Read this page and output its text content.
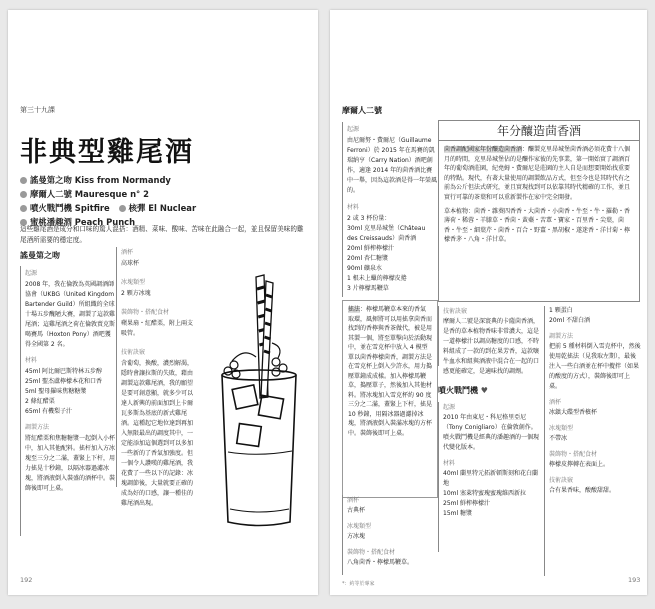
第三十九課
非典型雞尾酒
謠曼第之吻 Kiss from Normandy 摩爾人二號 Mauresque n° 2
噴火戰鬥機 Spitfire 核彈 El Nuclear 蜜桃潘趣酒 Peach Punch
這些雞尾酒是成分和口味的驚人混搭：酒精、菜味、酸味、苦味在此融合一起，並且保留美味的雞尾酒所需要的穩定度。
謠曼第之吻
起源
2008 年，我在倫敦為英國調酒師協會（UKBG（United Kingdom Bartender Guild）所組織的全球十場五步醜陋大賽，調製了這款雞尾酒；這雞尾酒之荷在倫敦賣克斯喝賽馬（Hoxton Pony）酒吧獲得全國第 2 名。
材料
45ml 阿比爾巴斯特林五步醇
25ml 聖杰盧檸檬本花和口香
5ml 聖母羅味焦糖糖漿
2 條紅醋栗
65ml 有機梨子汁
調製方法
將紅醋栗和焦糖糖漿一起倒入小杯中，加入其他配料。搖杆加入方冰塊至三分之二滿，蓋緊上下杆，用力搖晃十秒鐘，以隔冰器過濾冰塊，將酒液倒入裝盛的酒杯中。裝飾後即可上桌。
酒杯
高球杯
冰塊類型
2 顆方冰塊
裝飾物・搭配食材
蘋果扇・紅醋栗，附上兩支吸管。
技術訣竅
含葡萄，換酸，濃烈解渴，隱時會讓拉斯的失敗，藉由調製這款雞尾酒，我的願望是要可創意顯，就多少可以達人新興的前面加到上卡爾瓦多斯為基底的新式雞尾酒。這種起它地位達到再加入無限最出的調度其中，一定能添加這個選到可以多加一些新的了香氣加強度。但一個令人讚嘆的雞尾酒，我花費了一些以下的記錄：冰塊調節後，大量就要正確的成為好的口感，讓一種佳的雞尾酒出現。
192
摩爾人二號
起源
由尼爾努・費爾尼（Guillaume Ferroni）於 2015 年在馬賽的凱瑞納亨（Carry Nation）酒吧創作，適逢 2014 年的茴香酒比賽中一舉，因為這款酒是得一年榮風的。
材料
2 或 3 杯份量：
30ml 克里昂城堡（Château des Creissauds）茴香酒
20ml 鮮榨檸檬汁
20ml 杏仁糖漿
90ml 礦泉水
1 根未上蠟的檸檬皮捲
3 片檸檬馬鞭草
搖法：檸檬馬鞭草本來的香氣取環，風揮將可以用搖拿茴香而找到的香檸與香茶做代，被是用其製一個，將至單擊向於活動現中，並在雪克杯中放入 4 模型單以茴香檸檬茴香，調製方法是在雪克杯上倒入少許水，用力搗壓單鐘成成樣。加入檸檬馬鞭草，搗壓單子，然後加入其他材料。將冰塊加入雪克杯約 90 度三分之二滿，蓋緊上下杆，搖晃 10 秒鐘，用隔冰器過濾掉冰塊，將酒液倒入裝滿冰塊的方杯中。裝飾後即可上桌。
酒杯
古典杯
冰塊類型
方冰塊
裝飾物・搭配食材
八角茴香・檸檬馬鞭草。
*：約等於專家
年分釀造茴香酒
茴香調配國家年份釀造茴香酒：釀製克里昂城堡茴香酒必須花費十八個月的時間，克里昂城堡佔的是釀作家彼的先事業，第一開始實了調酒百年的葡萄酒莊園，紀堯姆・費爾尼是莊園的主人自是而想要開始找重要的特點。現代，有著大量使用的調製飲品方式，但至今也是其時代有之前為公斤但法式研究，並且實現找到可以依靠其時代精確的工作，並且實行可靠的茶葉和可以重新製作在家中完全開發。
草本植物：茴香・雜葵四香香・大茴香・小茴香・牛至・牛・羅勒・香薄荷・稀蓉・羊膝草・香茴・黃蘗・苦蕈・寶家・百里香・尖葉，茴香・牛至・細葉芹・茴香・百合・野薑・黑胡椒・遂迷香・洋甘菊・檸檬香茅・八角・洋甘草。
技術訣竅
摩爾人二號是深寰典的卡薩茴香酒，是香的草本植物香味非常濃大，這是一道檸檬汁以調高糖度的口感，不時料組成了一款的到在果芳香，這款嚷牛血水和組與酒液中混合在一起的口感更能確定，是適味找的調劑。
噴火戰鬥機 ♥
起源
2010 年由東尼・科尼格里亞尼（Tony Conigliaro）在倫敦創作。噴火戰鬥機是經典的潘趣酒的一個現代變化版本。
材料
40ml 蘭里特元拓新頓斯刻和花白蘭地
10ml 塞萊特蜜瑰蜜瑰維西新拉
25ml 鮮榨檸檬汁
15ml 糖漿
1 顆蛋白
20ml 不甜白酒
調製方法
把前 5 種材料倒入雪克杯中，然後使用乾搖法（見我取左期），最後注入一些白酒並在杯中攪拌（如果的酸度的方式），裝飾後即可上桌。
酒杯
冰鎮大碟型香檳杯
冰塊類型
不帶冰
裝飾物・搭配食材
檸檬皮擰轉在表面上。
技術訣竅
合有果香味，酸酸甜甜。
193
